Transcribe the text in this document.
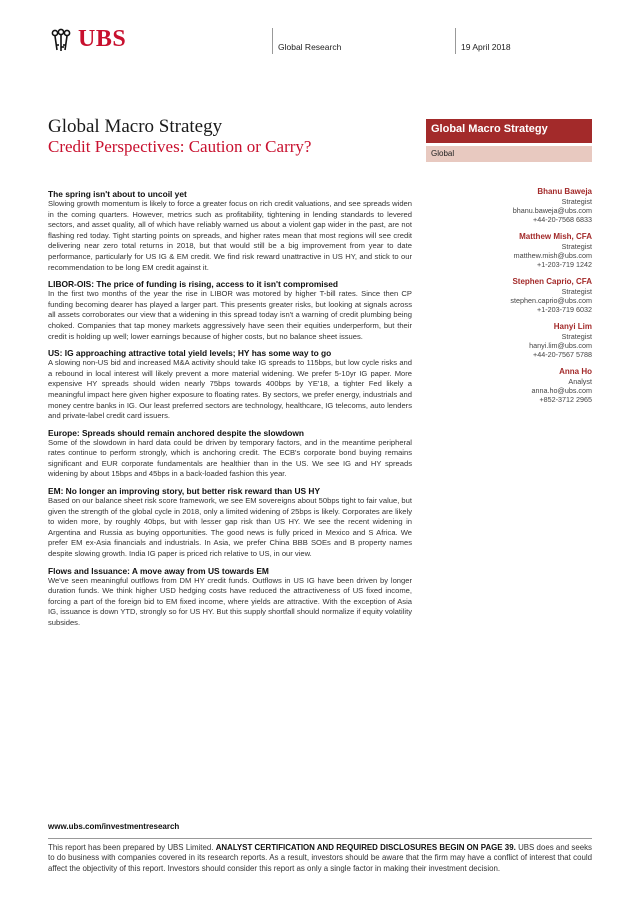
UBS	Global Research	19 April 2018
Global Macro Strategy
Credit Perspectives: Caution or Carry?
Global Macro Strategy
Global
The spring isn't about to uncoil yet

Slowing growth momentum is likely to force a greater focus on rich credit valuations, and see spreads widen in the coming quarters. However, metrics such as profitability, tightening in lending standards to levered sectors, and asset quality, all of which have reliably warned us about a violent gap wider in the past, are not flashing red today. Tight starting points on spreads, and higher rates mean that most regions will see credit delivering near zero total returns in 2018, but that would still be a big improvement from year to date performance, particularly for US IG & EM credit. We find risk reward unattractive in US HY, and stick to our recommendation to be long EM credit against it.

LIBOR-OIS: The price of funding is rising, access to it isn't compromised

In the first two months of the year the rise in LIBOR was motored by higher T-bill rates. Since then CP funding becoming dearer has played a larger part. This presents greater risks, but looking at signals across all assets corroborates our view that a widening in this spread today isn't a warning of credit plumbing being choked. Companies that tap money markets aggressively have seen their equities underperform, but their credit is holding up well; lower earnings because of higher costs, but no balance sheet issues.

US: IG approaching attractive total yield levels; HY has some way to go

A slowing non-US bid and increased M&A activity should take IG spreads to 115bps, but low cycle risks and a rebound in local interest will likely prevent a more material widening. We prefer 5-10yr IG paper. More expensive HY spreads should widen nearly 75bps towards 400bps by YE'18, a tighter Fed likely a meaningful impact here given higher exposure to floating rates. By sectors, we prefer energy, industrials and money centre banks in IG. Our least preferred sectors are technology, healthcare, IG telecoms, auto lenders and private-label credit card issuers.

Europe: Spreads should remain anchored despite the slowdown

Some of the slowdown in hard data could be driven by temporary factors, and in the meantime peripheral rates continue to perform strongly, which is anchoring credit. The ECB's corporate bond buying remains significant and EUR corporate fundamentals are healthier than in the US. We see IG and HY spreads widening by about 15bps and 45bps in a back-loaded fashion this year.

EM: No longer an improving story, but better risk reward than US HY

Based on our balance sheet risk score framework, we see EM sovereigns about 50bps tight to fair value, but given the strength of the global cycle in 2018, only a limited widening of 25bps is likely. Corporates are likely to widen more, by roughly 40bps, but with lesser gap risk than US HY. We see the recent widening in Argentina and Russia as buying opportunities. The good news is fully priced in Mexico and S Africa. We prefer EM ex-Asia financials and industrials. In Asia, we prefer China BBB SOEs and B property names despite slowing growth. India IG paper is priced rich relative to US, in our view.

Flows and Issuance: A move away from US towards EM

We've seen meaningful outflows from DM HY credit funds. Outflows in US IG have been driven by longer duration funds. We think higher USD hedging costs have reduced the attractiveness of US fixed income, forcing a part of the foreign bid to EM fixed income, where yields are attractive. With the exception of Asia IG, issuance is down YTD, strongly so for US HY. But this supply shortfall should normalize if equity volatility subsides.

Bhanu Baweja
Strategist
bhanu.baweja@ubs.com
+44-20-7568 6833
Matthew Mish, CFA
Strategist
matthew.mish@ubs.com
+1-203-719 1242
Stephen Caprio, CFA
Strategist
stephen.caprio@ubs.com
+1-203-719 6032
Hanyi Lim
Strategist
hanyi.lim@ubs.com
+44-20-7567 5788
Anna Ho
Analyst
anna.ho@ubs.com
+852-3712 2965
www.ubs.com/investmentresearch
This report has been prepared by UBS Limited. ANALYST CERTIFICATION AND REQUIRED DISCLOSURES BEGIN ON PAGE 39. UBS does and seeks to do business with companies covered in its research reports. As a result, investors should be aware that the firm may have a conflict of interest that could affect the objectivity of this report. Investors should consider this report as only a single factor in making their investment decision.
